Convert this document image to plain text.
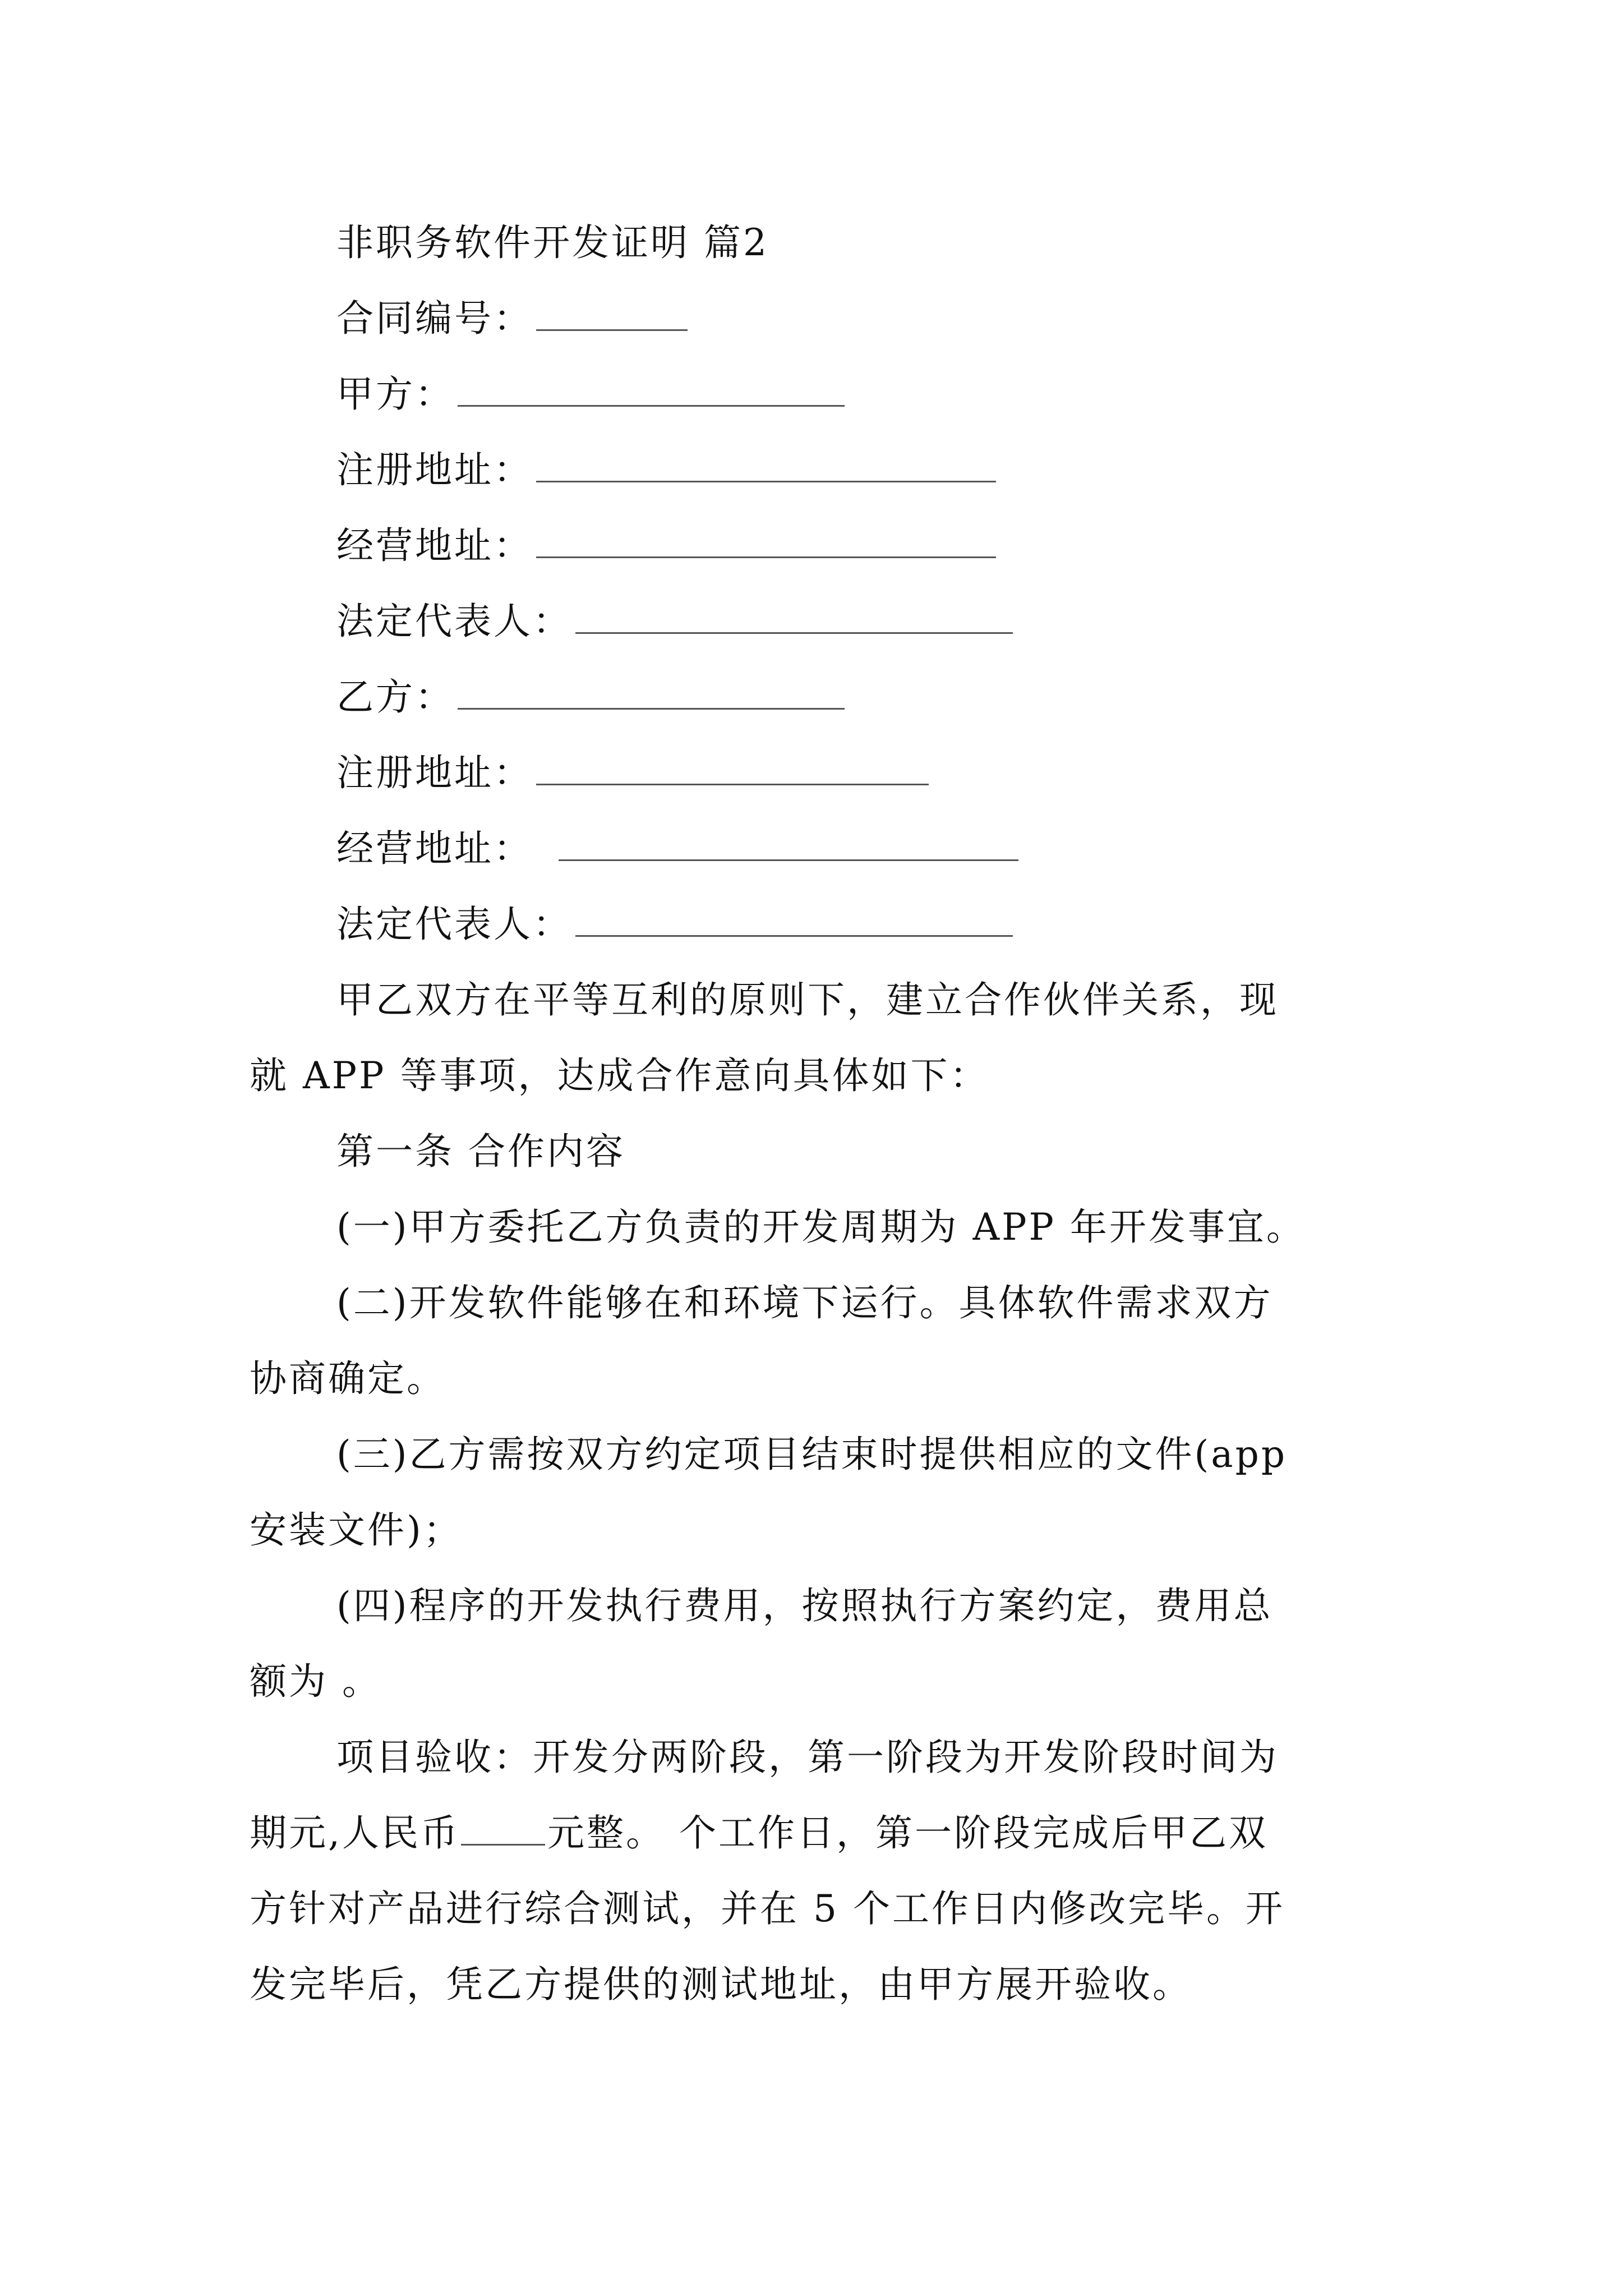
非职务软件开发证明 篇2
合同编号：
甲方：
注册地址：
经营地址：
法定代表人：
乙方：
注册地址：
经营地址：
法定代表人：
甲乙双方在平等互利的原则下，建立合作伙伴关系，现
就 APP 等事项，达成合作意向具体如下：
第一条 合作内容
(一)甲方委托乙方负责的开发周期为 APP 年开发事宜。
(二)开发软件能够在和环境下运行。具体软件需求双方
协商确定。
(三)乙方需按双方约定项目结束时提供相应的文件(app
安装文件)；
(四)程序的开发执行费用，按照执行方案约定，费用总
额为 。
项目验收：开发分两阶段，第一阶段为开发阶段时间为
期元,人民币 元整。 个工作日，第一阶段完成后甲乙双
方针对产品进行综合测试，并在 5 个工作日内修改完毕。开
发完毕后，凭乙方提供的测试地址，由甲方展开验收。
